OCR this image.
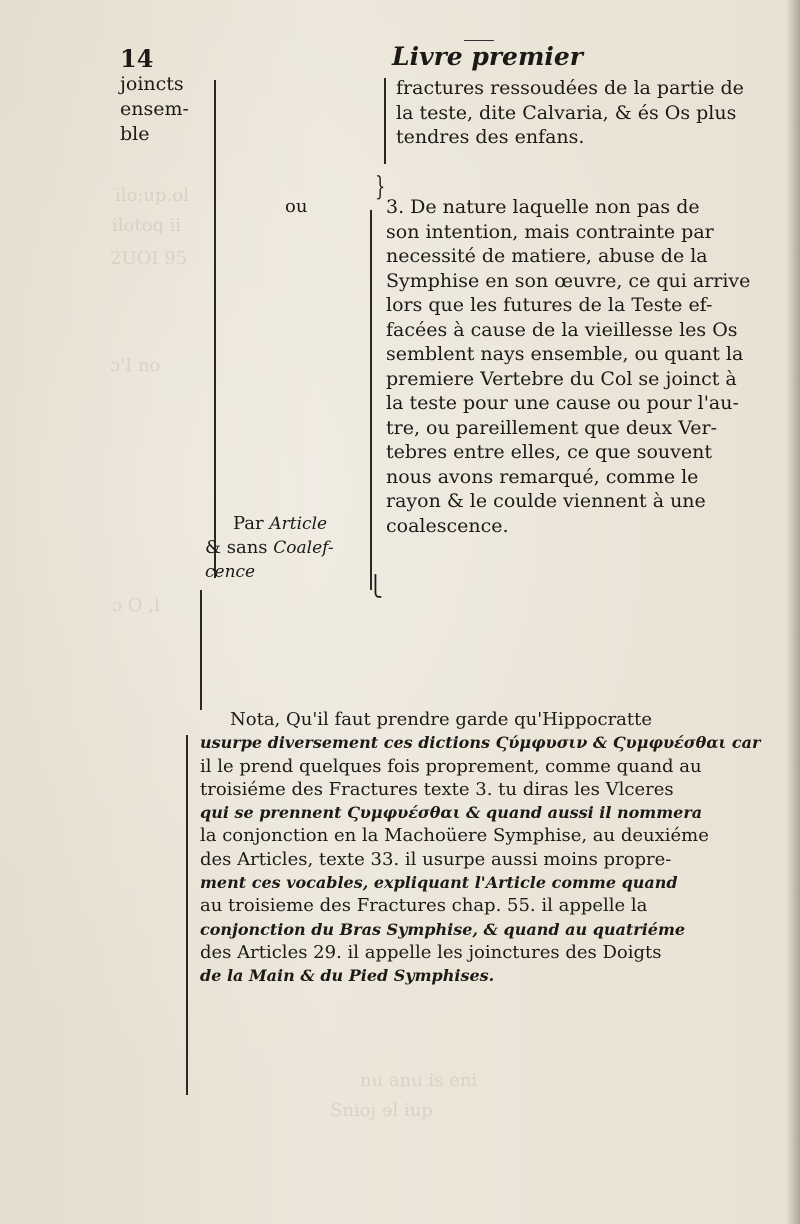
ilo:up.ol
ilotoq ii
2UOI 95
ɔ'I no
ɔ O ,l
nu anu is eni
Snioj ɘl iup
14	Livre premier
joincts
ensem-
ble
fractures ressoudées de la partie de
la teste, dite Calvaria, & és Os plus
tendres des enfans.
ou
}
3. De nature laquelle non pas de
son intention, mais contrainte par
necessité de matiere, abuse de la
Symphise en son œuvre, ce qui arrive
lors que les futures de la Teste ef-
facées à cause de la vieillesse les Os
semblent nays ensemble, ou quant la
premiere Vertebre du Col se joinct à
la teste pour une cause ou pour l'au-
tre, ou pareillement que deux Ver-
tebres entre elles, ce que souvent
nous avons remarqué, comme le
rayon & le coulde viennent à une
coalescence.
Par Article
& sans Coalef-
cence
⎩
Nota, Qu'il faut prendre garde qu'Hippocratte
usurpe diversement ces dictions Ϛύμφυσιν & Ϛυμφυέσθαι car
il le prend quelques fois proprement, comme quand au
troisiéme des Fractures texte 3. tu diras les Vlceres
qui se prennent Ϛυμφυέσθαι & quand aussi il nommera
la conjonction en la Machoüere Symphise, au deuxiéme
des Articles, texte 33. il usurpe aussi moins propre-
ment ces vocables, expliquant l'Article comme quand
au troisieme des Fractures chap. 55. il appelle la
conjonction du Bras Symphise, & quand au quatriéme
des Articles 29. il appelle les joinctures des Doigts
de la Main & du Pied Symphises.
